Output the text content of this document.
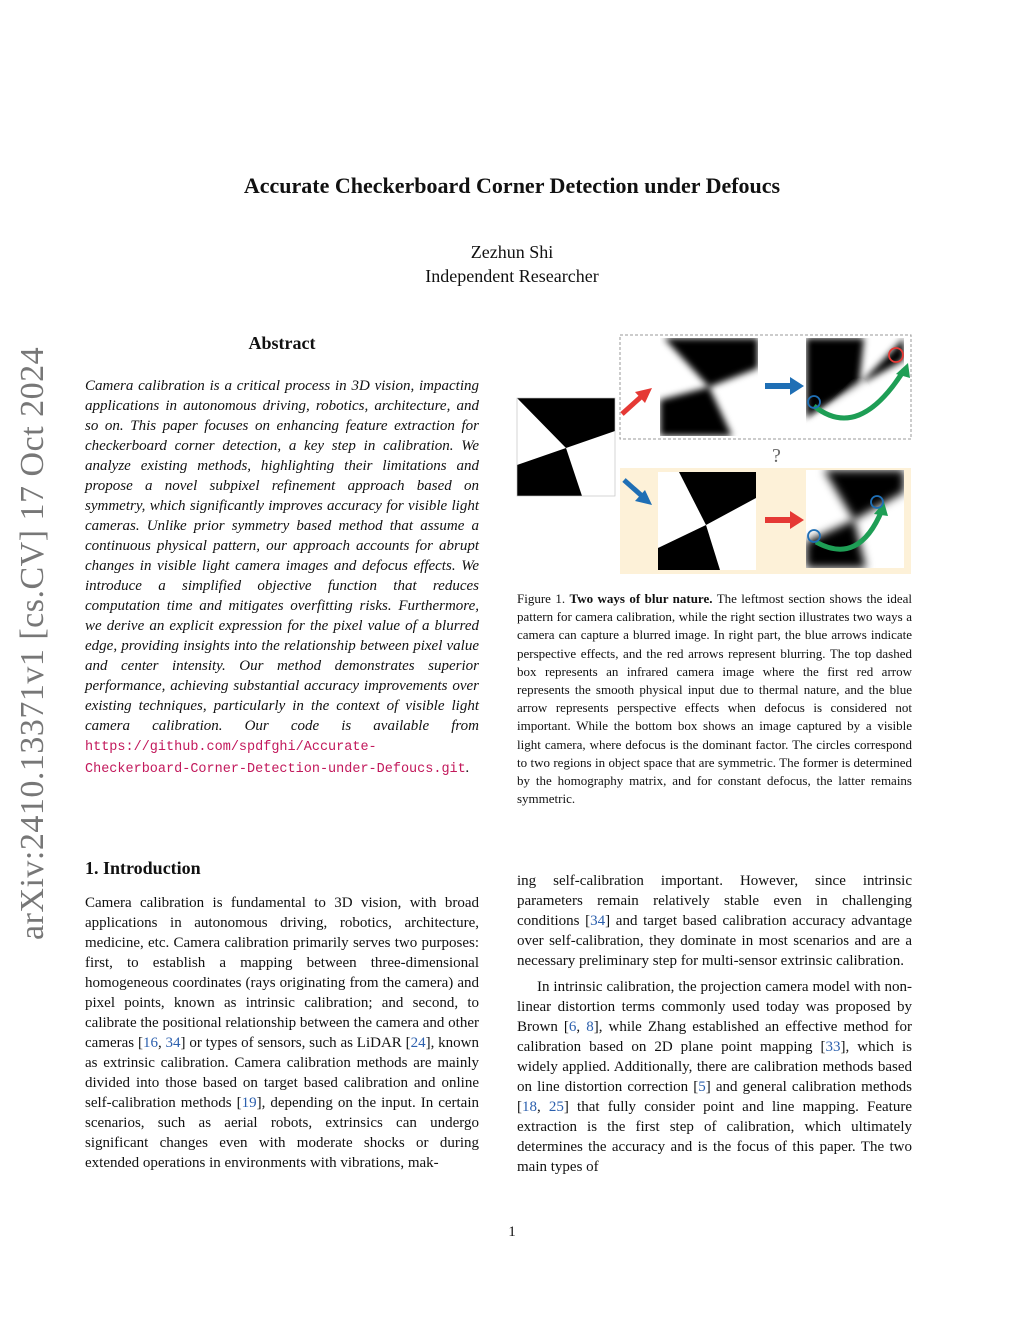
arXiv:2410.13371v1 [cs.CV] 17 Oct 2024
Accurate Checkerboard Corner Detection under Defoucs
Zezhun Shi
Independent Researcher
Abstract
Camera calibration is a critical process in 3D vision, impacting applications in autonomous driving, robotics, architecture, and so on. This paper focuses on enhancing feature extraction for checkerboard corner detection, a key step in calibration. We analyze existing methods, highlighting their limitations and propose a novel subpixel refinement approach based on symmetry, which significantly improves accuracy for visible light cameras. Unlike prior symmetry based method that assume a continuous physical pattern, our approach accounts for abrupt changes in visible light camera images and defocus effects. We introduce a simplified objective function that reduces computation time and mitigates overfitting risks. Furthermore, we derive an explicit expression for the pixel value of a blurred edge, providing insights into the relationship between pixel value and center intensity. Our method demonstrates superior performance, achieving substantial accuracy improvements over existing techniques, particularly in the context of visible light camera calibration. Our code is available from https://github.com/spdfghi/Accurate-Checkerboard-Corner-Detection-under-Defoucs.git.
?
Figure 1. Two ways of blur nature. The leftmost section shows the ideal pattern for camera calibration, while the right section illustrates two ways a camera can capture a blurred image. In right part, the blue arrows indicate perspective effects, and the red arrows represent blurring. The top dashed box represents an infrared camera image where the first red arrow represents the smooth physical input due to thermal nature, and the blue arrow represents perspective effects when defocus is considered not important. While the bottom box shows an image captured by a visible light camera, where defocus is the dominant factor. The circles correspond to two regions in object space that are symmetric. The former is determined by the homography matrix, and for constant defocus, the latter remains symmetric.
1. Introduction
Camera calibration is fundamental to 3D vision, with broad applications in autonomous driving, robotics, architecture, medicine, etc. Camera calibration primarily serves two purposes: first, to establish a mapping between three-dimensional homogeneous coordinates (rays originating from the camera) and pixel points, known as intrinsic calibration; and second, to calibrate the positional relationship between the camera and other cameras [16, 34] or types of sensors, such as LiDAR [24], known as extrinsic calibration. Camera calibration methods are mainly divided into those based on target based calibration and online self-calibration methods [19], depending on the input. In certain scenarios, such as aerial robots, extrinsics can undergo significant changes even with moderate shocks or during extended operations in environments with vibrations, mak-

ing self-calibration important. However, since intrinsic parameters remain relatively stable even in challenging conditions [34] and target based calibration accuracy advantage over self-calibration, they dominate in most scenarios and are a necessary preliminary step for multi-sensor extrinsic calibration.

In intrinsic calibration, the projection camera model with non-linear distortion terms commonly used today was proposed by Brown [6, 8], while Zhang established an effective method for calibration based on 2D plane point mapping [33], which is widely applied. Additionally, there are calibration methods based on line distortion correction [5] and general calibration methods [18, 25] that fully consider point and line mapping. Feature extraction is the first step of calibration, which ultimately determines the accuracy and is the focus of this paper. The two main types of

1
